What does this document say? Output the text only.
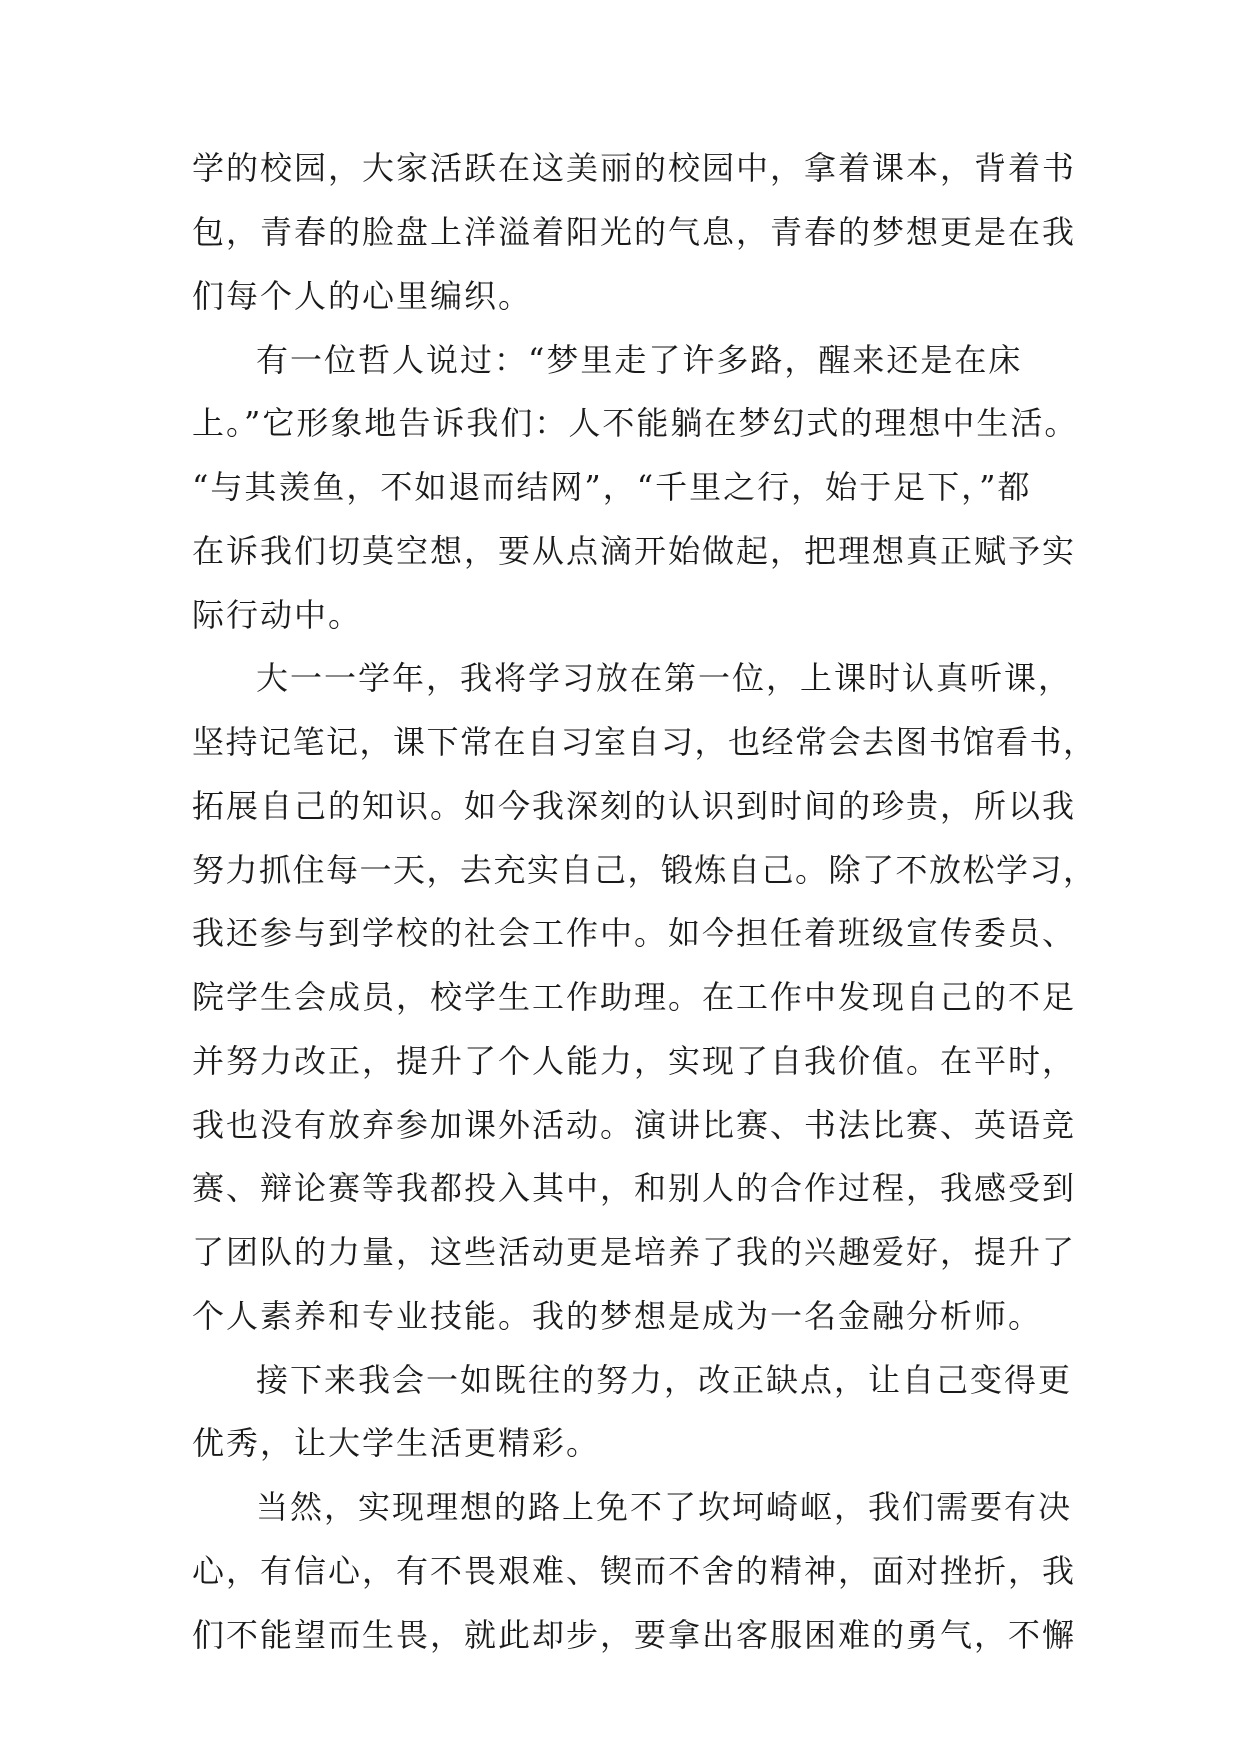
学的校园，大家活跃在这美丽的校园中，拿着课本，背着书
包，青春的脸盘上洋溢着阳光的气息，青春的梦想更是在我
们每个人的心里编织。
有一位哲人说过：“梦里走了许多路，醒来还是在床
上。”它形象地告诉我们：人不能躺在梦幻式的理想中生活。
“与其羡鱼，不如退而结网”，“千里之行，始于足下，”都
在诉我们切莫空想，要从点滴开始做起，把理想真正赋予实
际行动中。
大一一学年，我将学习放在第一位，上课时认真听课，
坚持记笔记，课下常在自习室自习，也经常会去图书馆看书，
拓展自己的知识。如今我深刻的认识到时间的珍贵，所以我
努力抓住每一天，去充实自己，锻炼自己。除了不放松学习，
我还参与到学校的社会工作中。如今担任着班级宣传委员、
院学生会成员，校学生工作助理。在工作中发现自己的不足
并努力改正，提升了个人能力，实现了自我价值。在平时，
我也没有放弃参加课外活动。演讲比赛、书法比赛、英语竞
赛、辩论赛等我都投入其中，和别人的合作过程，我感受到
了团队的力量，这些活动更是培养了我的兴趣爱好，提升了
个人素养和专业技能。我的梦想是成为一名金融分析师。
接下来我会一如既往的努力，改正缺点，让自己变得更
优秀，让大学生活更精彩。
当然，实现理想的路上免不了坎坷崎岖，我们需要有决
心，有信心，有不畏艰难、锲而不舍的精神，面对挫折，我
们不能望而生畏，就此却步，要拿出客服困难的勇气，不懈
